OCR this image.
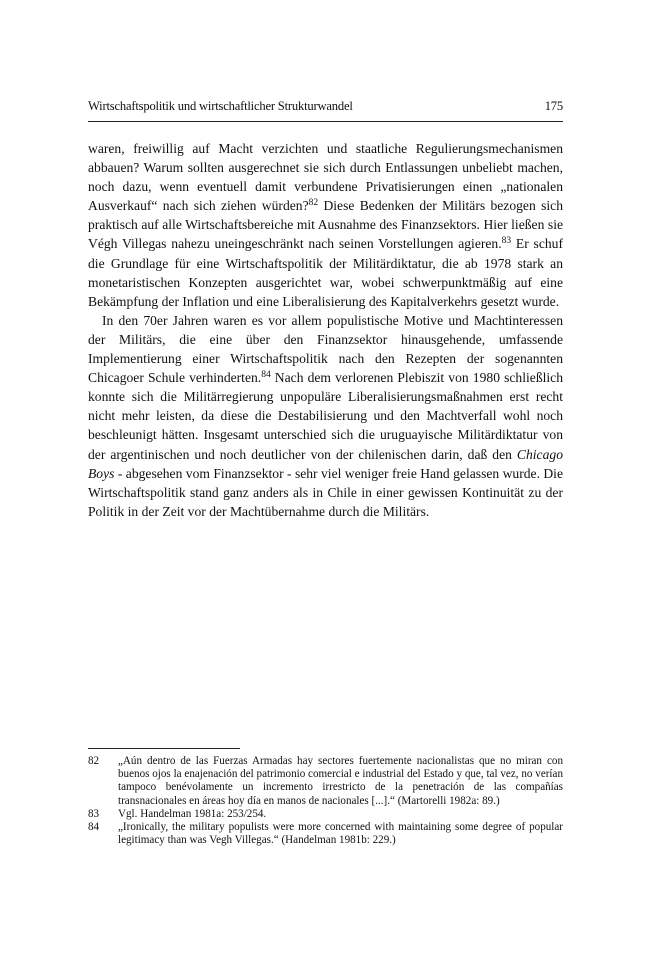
Wirtschaftspolitik und wirtschaftlicher Strukturwandel	175

waren, freiwillig auf Macht verzichten und staatliche Regulierungsmechanismen abbauen? Warum sollten ausgerechnet sie sich durch Entlassungen unbeliebt machen, noch dazu, wenn eventuell damit verbundene Privatisierungen einen „nationalen Ausverkauf“ nach sich ziehen würden?$^{82}$ Diese Bedenken der Militärs bezogen sich praktisch auf alle Wirtschaftsbereiche mit Ausnahme des Finanzsektors. Hier ließen sie Végh Villegas nahezu uneingeschränkt nach seinen Vorstellungen agieren.$^{83}$ Er schuf die Grundlage für eine Wirtschaftspolitik der Militärdiktatur, die ab 1978 stark an monetaristischen Konzepten ausgerichtet war, wobei schwerpunktmäßig auf eine Bekämpfung der Inflation und eine Liberalisierung des Kapitalverkehrs gesetzt wurde.

In den 70er Jahren waren es vor allem populistische Motive und Machtinteressen der Militärs, die eine über den Finanzsektor hinausgehende, umfassende Implementierung einer Wirtschaftspolitik nach den Rezepten der sogenannten Chicagoer Schule verhinderten.$^{84}$ Nach dem verlorenen Plebiszit von 1980 schließlich konnte sich die Militärregierung unpopuläre Liberalisierungsmaßnahmen erst recht nicht mehr leisten, da diese die Destabilisierung und den Machtverfall wohl noch beschleunigt hätten. Insgesamt unterschied sich die uruguayische Militärdiktatur von der argentinischen und noch deutlicher von der chilenischen darin, daß den Chicago Boys - abgesehen vom Finanzsektor - sehr viel weniger freie Hand gelassen wurde. Die Wirtschaftspolitik stand ganz anders als in Chile in einer gewissen Kontinuität zu der Politik in der Zeit vor der Machtübernahme durch die Militärs.

82	„Aún dentro de las Fuerzas Armadas hay sectores fuertemente nacionalistas que no miran con buenos ojos la enajenación del patrimonio comercial e industrial del Estado y que, tal vez, no verían tampoco benévolamente un incremento irrestricto de la penetración de las compañías transnacionales en áreas hoy día en manos de nacionales [...].“ (Martorelli 1982a: 89.)
83	Vgl. Handelman 1981a: 253/254.
84	„Ironically, the military populists were more concerned with maintaining some degree of popular legitimacy than was Vegh Villegas.“ (Handelman 1981b: 229.)
